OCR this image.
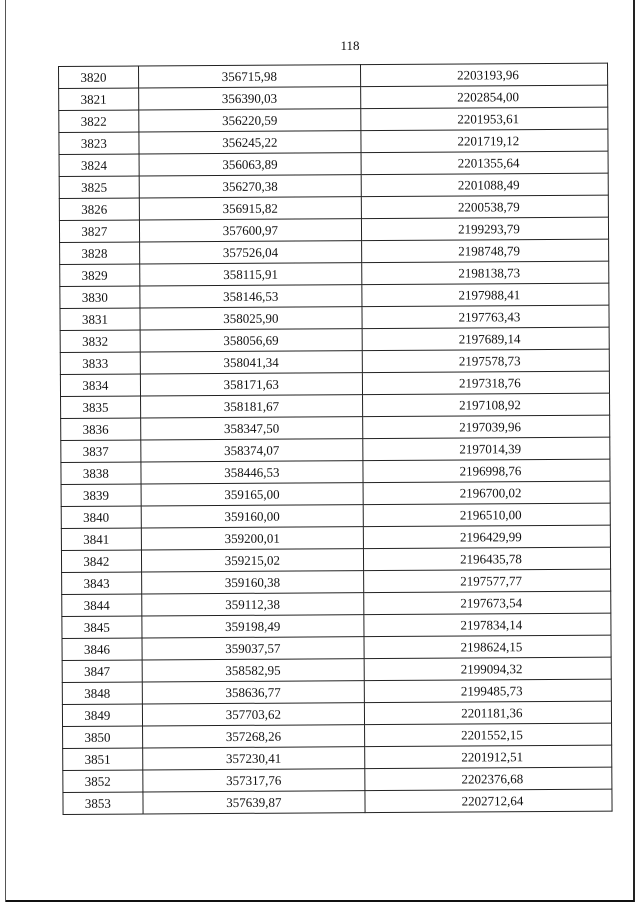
118
3820	356715,98	2203193,96
3821	356390,03	2202854,00
3822	356220,59	2201953,61
3823	356245,22	2201719,12
3824	356063,89	2201355,64
3825	356270,38	2201088,49
3826	356915,82	2200538,79
3827	357600,97	2199293,79
3828	357526,04	2198748,79
3829	358115,91	2198138,73
3830	358146,53	2197988,41
3831	358025,90	2197763,43
3832	358056,69	2197689,14
3833	358041,34	2197578,73
3834	358171,63	2197318,76
3835	358181,67	2197108,92
3836	358347,50	2197039,96
3837	358374,07	2197014,39
3838	358446,53	2196998,76
3839	359165,00	2196700,02
3840	359160,00	2196510,00
3841	359200,01	2196429,99
3842	359215,02	2196435,78
3843	359160,38	2197577,77
3844	359112,38	2197673,54
3845	359198,49	2197834,14
3846	359037,57	2198624,15
3847	358582,95	2199094,32
3848	358636,77	2199485,73
3849	357703,62	2201181,36
3850	357268,26	2201552,15
3851	357230,41	2201912,51
3852	357317,76	2202376,68
3853	357639,87	2202712,64
